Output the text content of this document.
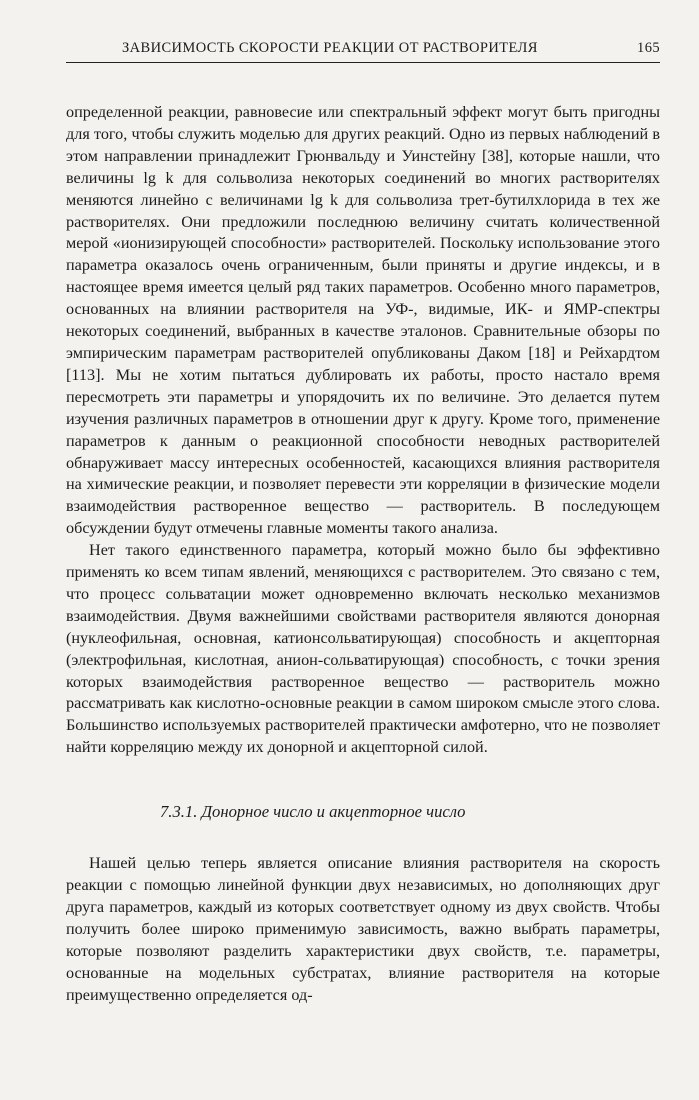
ЗАВИСИМОСТЬ СКОРОСТИ РЕАКЦИИ ОТ РАСТВОРИТЕЛЯ	165

определенной реакции, равновесие или спектральный эффект могут быть пригодны для того, чтобы служить моделью для других реакций. Одно из первых наблюдений в этом направлении принадлежит Грюнвальду и Уинстейну [38], которые нашли, что величины lg k для сольволиза некоторых соединений во многих растворителях меняются линейно с величинами lg k для сольволиза трет-бутилхлорида в тех же растворителях. Они предложили последнюю величину считать количественной мерой «ионизирующей способности» растворителей. Поскольку использование этого параметра оказалось очень ограниченным, были приняты и другие индексы, и в настоящее время имеется целый ряд таких параметров. Особенно много параметров, основанных на влиянии растворителя на УФ-, видимые, ИК- и ЯМР-спектры некоторых соединений, выбранных в качестве эталонов. Сравнительные обзоры по эмпирическим параметрам растворителей опубликованы Даком [18] и Рейхардтом [113]. Мы не хотим пытаться дублировать их работы, просто настало время пересмотреть эти параметры и упорядочить их по величине. Это делается путем изучения различных параметров в отношении друг к другу. Кроме того, применение параметров к данным о реакционной способности неводных растворителей обнаруживает массу интересных особенностей, касающихся влияния растворителя на химические реакции, и позволяет перевести эти корреляции в физические модели взаимодействия растворенное вещество — растворитель. В последующем обсуждении будут отмечены главные моменты такого анализа.

Нет такого единственного параметра, который можно было бы эффективно применять ко всем типам явлений, меняющихся с растворителем. Это связано с тем, что процесс сольватации может одновременно включать несколько механизмов взаимодействия. Двумя важнейшими свойствами растворителя являются донорная (нуклеофильная, основная, катионсольватирующая) способность и акцепторная (электрофильная, кислотная, анион-сольватирующая) способность, с точки зрения которых взаимодействия растворенное вещество — растворитель можно рассматривать как кислотно-основные реакции в самом широком смысле этого слова. Большинство используемых растворителей практически амфотерно, что не позволяет найти корреляцию между их донорной и акцепторной силой.

7.3.1. Донорное число и акцепторное число

Нашей целью теперь является описание влияния растворителя на скорость реакции с помощью линейной функции двух независимых, но дополняющих друг друга параметров, каждый из которых соответствует одному из двух свойств. Чтобы получить более широко применимую зависимость, важно выбрать параметры, которые позволяют разделить характеристики двух свойств, т.е. параметры, основанные на модельных субстратах, влияние растворителя на которые преимущественно определяется од-
